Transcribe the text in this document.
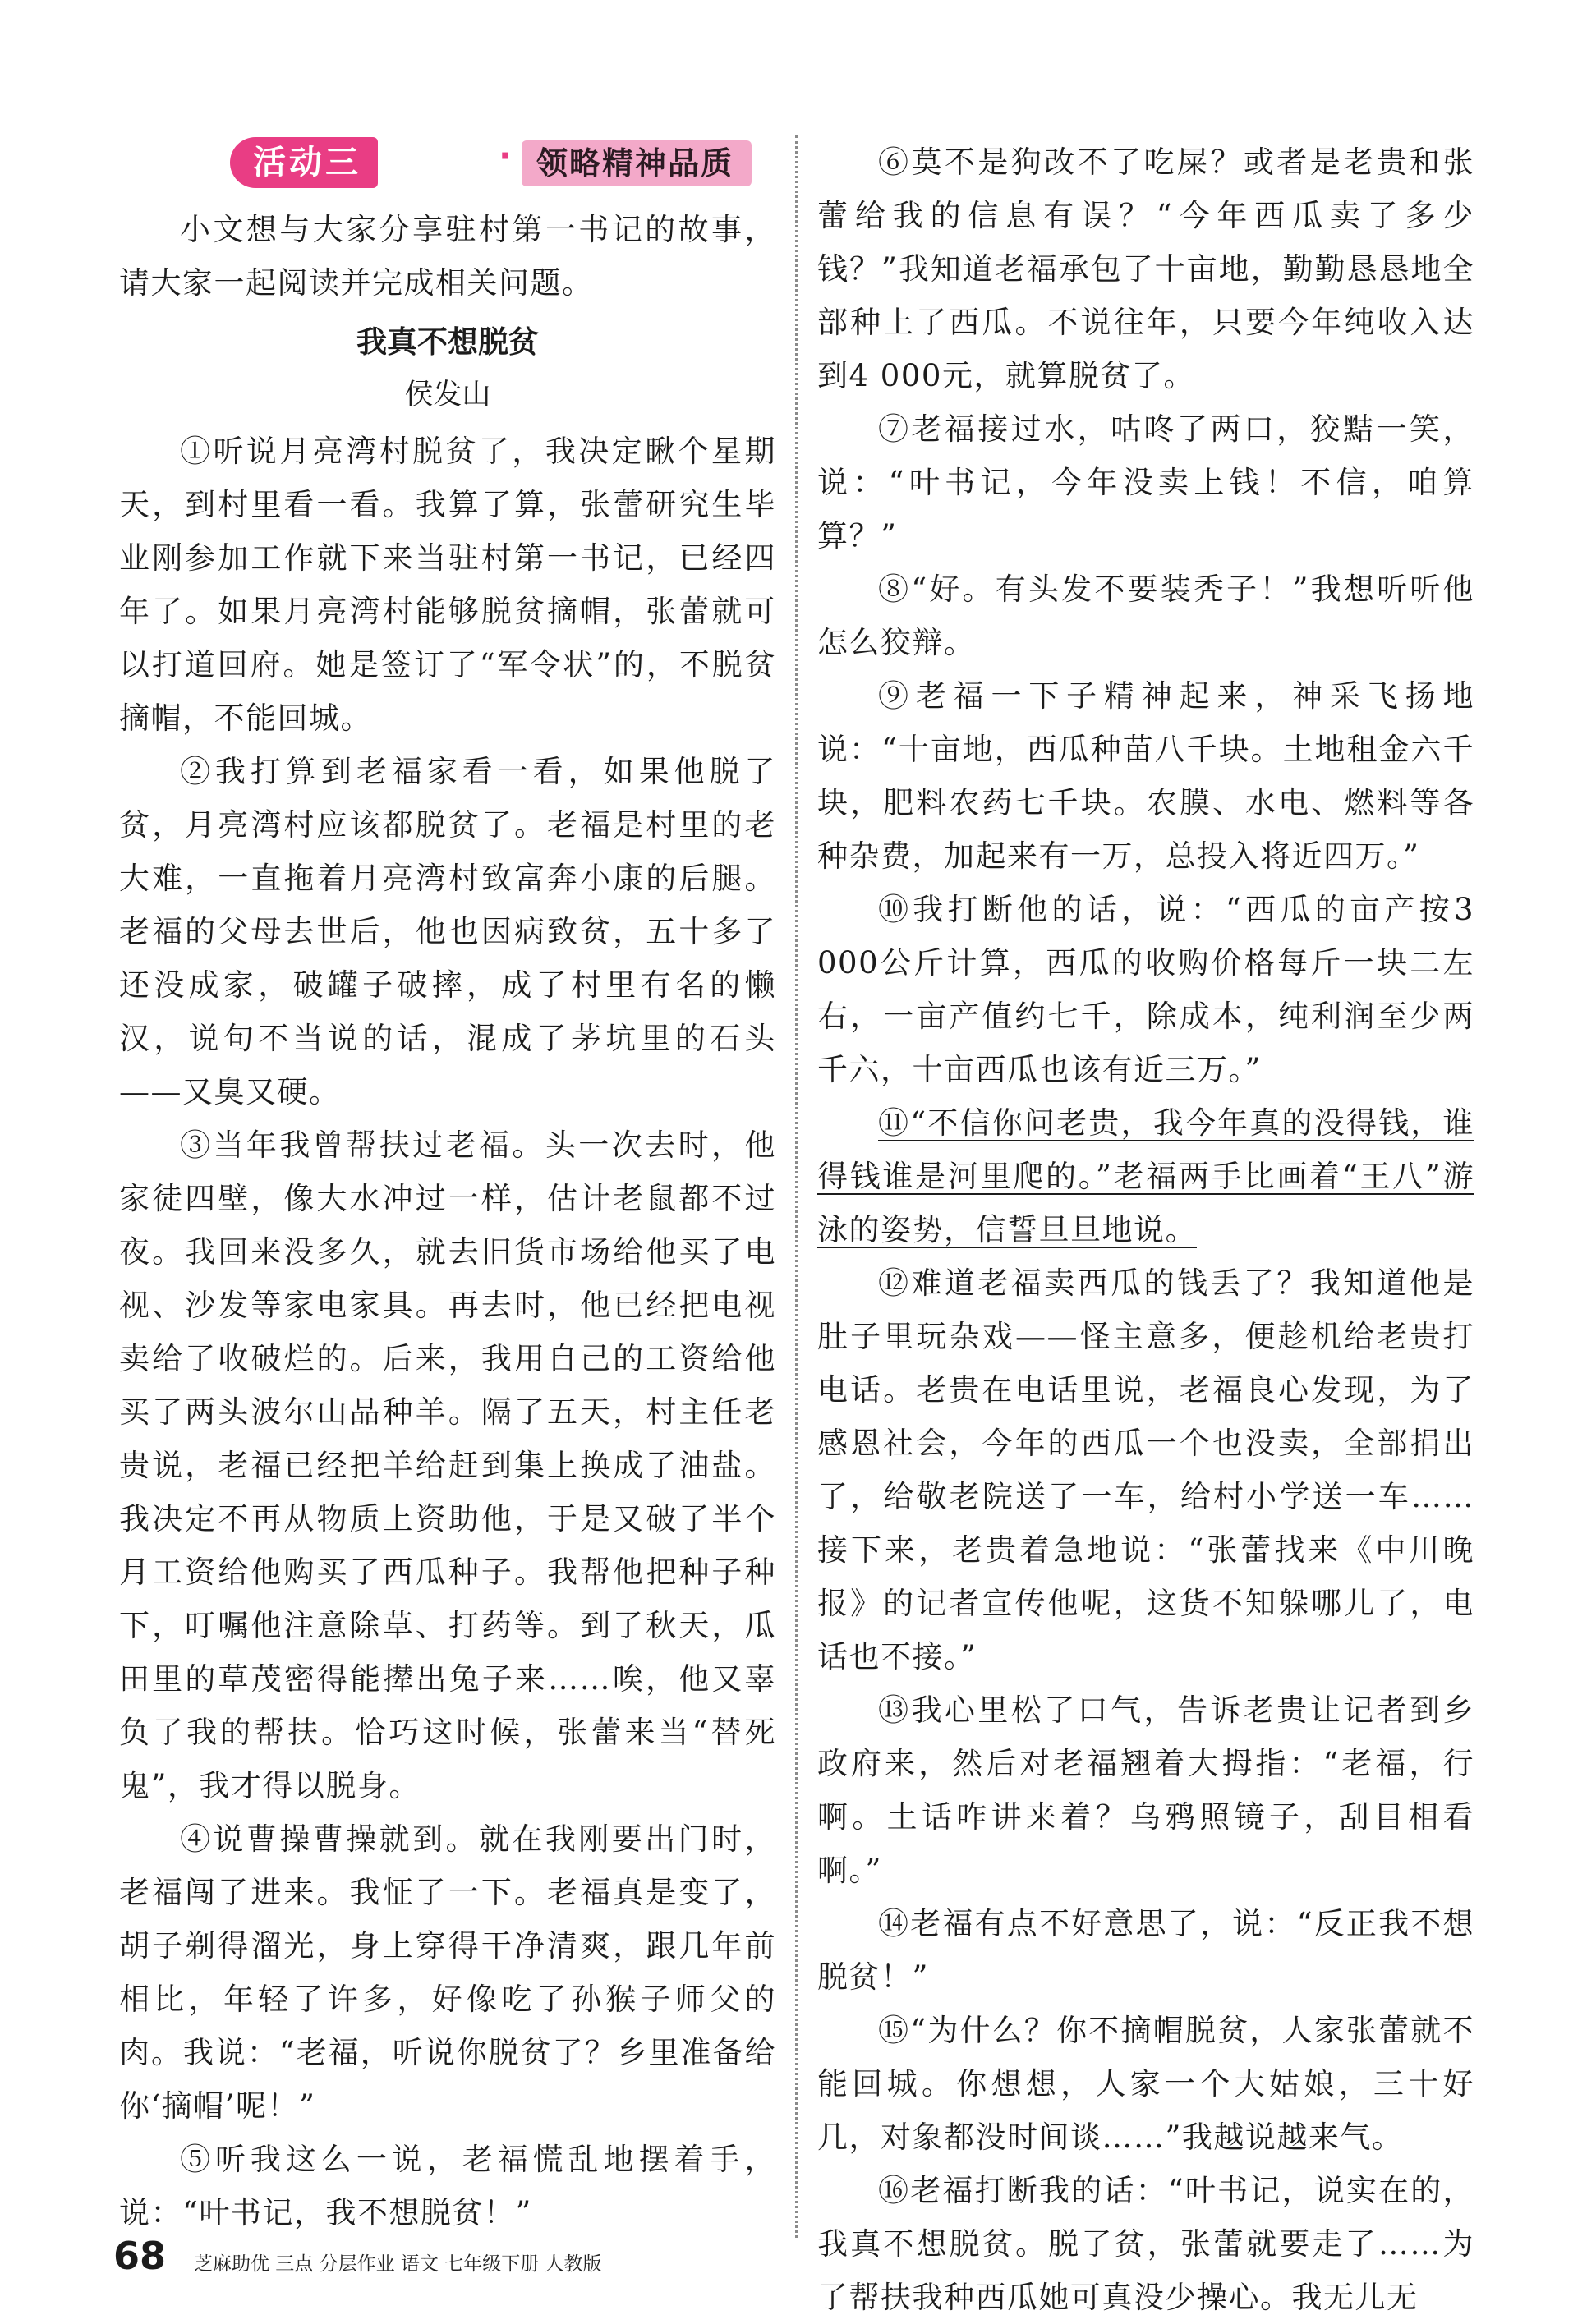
活动三	· 领略精神品质

小文想与大家分享驻村第一书记的故事，请大家一起阅读并完成相关问题。

我真不想脱贫
侯发山

①听说月亮湾村脱贫了，我决定瞅个星期天，到村里看一看。我算了算，张蕾研究生毕业刚参加工作就下来当驻村第一书记，已经四年了。如果月亮湾村能够脱贫摘帽，张蕾就可以打道回府。她是签订了“军令状”的，不脱贫摘帽，不能回城。

②我打算到老福家看一看，如果他脱了贫，月亮湾村应该都脱贫了。老福是村里的老大难，一直拖着月亮湾村致富奔小康的后腿。老福的父母去世后，他也因病致贫，五十多了还没成家，破罐子破摔，成了村里有名的懒汉，说句不当说的话，混成了茅坑里的石头——又臭又硬。

③当年我曾帮扶过老福。头一次去时，他家徒四壁，像大水冲过一样，估计老鼠都不过夜。我回来没多久，就去旧货市场给他买了电视、沙发等家电家具。再去时，他已经把电视卖给了收破烂的。后来，我用自己的工资给他买了两头波尔山品种羊。隔了五天，村主任老贵说，老福已经把羊给赶到集上换成了油盐。我决定不再从物质上资助他，于是又破了半个月工资给他购买了西瓜种子。我帮他把种子种下，叮嘱他注意除草、打药等。到了秋天，瓜田里的草茂密得能撵出兔子来……唉，他又辜负了我的帮扶。恰巧这时候，张蕾来当“替死鬼”，我才得以脱身。

④说曹操曹操就到。就在我刚要出门时，老福闯了进来。我怔了一下。老福真是变了，胡子剃得溜光，身上穿得干净清爽，跟几年前相比，年轻了许多，好像吃了孙猴子师父的肉。我说：“老福，听说你脱贫了？乡里准备给你‘摘帽’呢！”

⑤听我这么一说，老福慌乱地摆着手，说：“叶书记，我不想脱贫！”

⑥莫不是狗改不了吃屎？或者是老贵和张蕾给我的信息有误？“今年西瓜卖了多少钱？”我知道老福承包了十亩地，勤勤恳恳地全部种上了西瓜。不说往年，只要今年纯收入达到4 000元，就算脱贫了。

⑦老福接过水，咕咚了两口，狡黠一笑，说：“叶书记，今年没卖上钱！不信，咱算算？”

⑧“好。有头发不要装秃子！”我想听听他怎么狡辩。

⑨老福一下子精神起来，神采飞扬地说：“十亩地，西瓜种苗八千块。土地租金六千块，肥料农药七千块。农膜、水电、燃料等各种杂费，加起来有一万，总投入将近四万。”

⑩我打断他的话，说：“西瓜的亩产按3 000公斤计算，西瓜的收购价格每斤一块二左右，一亩产值约七千，除成本，纯利润至少两千六，十亩西瓜也该有近三万。”

⑪“不信你问老贵，我今年真的没得钱，谁得钱谁是河里爬的。”老福两手比画着“王八”游泳的姿势，信誓旦旦地说。

⑫难道老福卖西瓜的钱丢了？我知道他是肚子里玩杂戏——怪主意多，便趁机给老贵打电话。老贵在电话里说，老福良心发现，为了感恩社会，今年的西瓜一个也没卖，全部捐出了，给敬老院送了一车，给村小学送一车……接下来，老贵着急地说：“张蕾找来《中川晚报》的记者宣传他呢，这货不知躲哪儿了，电话也不接。”

⑬我心里松了口气，告诉老贵让记者到乡政府来，然后对老福翘着大拇指：“老福，行啊。土话咋讲来着？乌鸦照镜子，刮目相看啊。”

⑭老福有点不好意思了，说：“反正我不想脱贫！”

⑮“为什么？你不摘帽脱贫，人家张蕾就不能回城。你想想，人家一个大姑娘，三十好几，对象都没时间谈……”我越说越来气。

⑯老福打断我的话：“叶书记，说实在的，我真不想脱贫。脱了贫，张蕾就要走了……为了帮扶我种西瓜她可真没少操心。我无儿无

68 芝麻助优 三点 分层作业 语文 七年级下册 人教版
